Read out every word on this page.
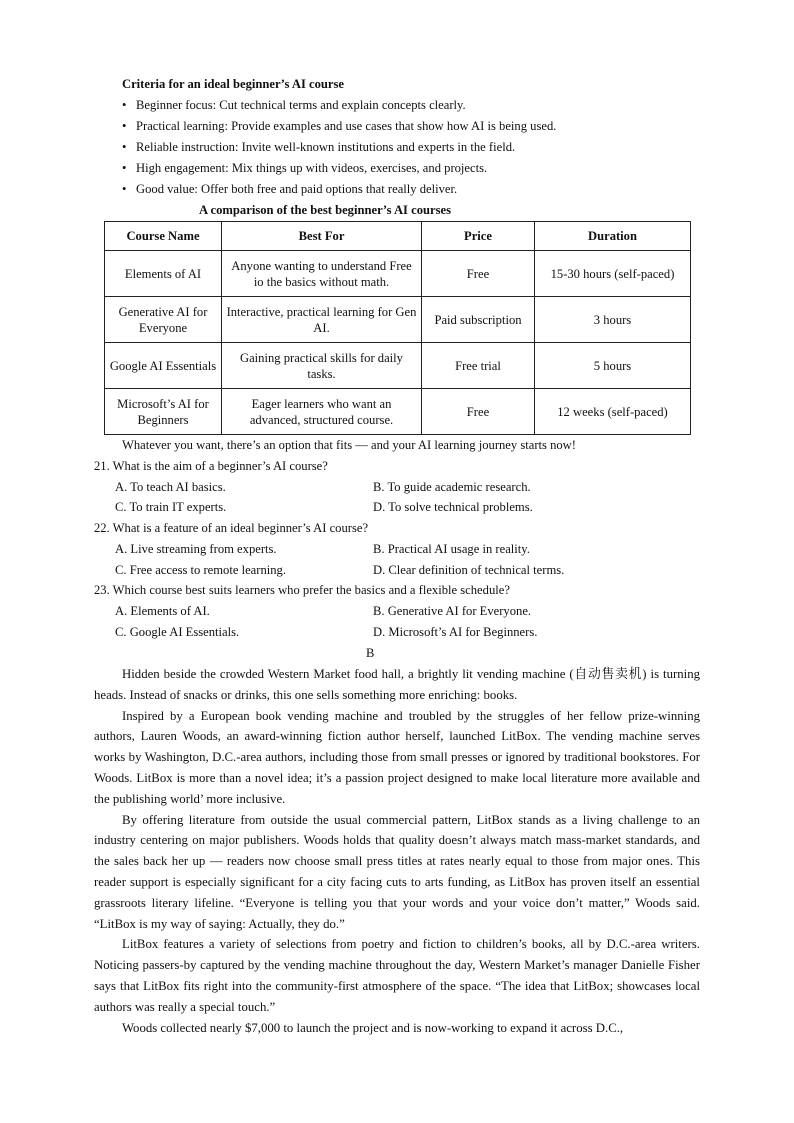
Criteria for an ideal beginner’s AI course
• Beginner focus: Cut technical terms and explain concepts clearly.
• Practical learning: Provide examples and use cases that show how AI is being used.
• Reliable instruction: Invite well-known institutions and experts in the field.
• High engagement: Mix things up with videos, exercises, and projects.
• Good value: Offer both free and paid options that really deliver.
A comparison of the best beginner’s AI courses
Course Name	Best For	Price	Duration
Elements of AI	Anyone wanting to understand Free io the basics without math.	Free	15-30 hours (self-paced)
Generative AI for Everyone	Interactive, practical learning for Gen AI.	Paid subscription	3 hours
Google AI Essentials	Gaining practical skills for daily tasks.	Free trial	5 hours
Microsoft’s AI for Beginners	Eager learners who want an advanced, structured course.	Free	12 weeks (self-paced)
Whatever you want, there’s an option that fits — and your AI learning journey starts now!
21. What is the aim of a beginner’s AI course?
A. To teach AI basics.	B. To guide academic research.
C. To train IT experts.	D. To solve technical problems.
22. What is a feature of an ideal beginner’s AI course?
A. Live streaming from experts.	B. Practical AI usage in reality.
C. Free access to remote learning.	D. Clear definition of technical terms.
23. Which course best suits learners who prefer the basics and a flexible schedule?
A. Elements of AI.	B. Generative AI for Everyone.
C. Google AI Essentials.	D. Microsoft’s AI for Beginners.
B

Hidden beside the crowded Western Market food hall, a brightly lit vending machine (自动售卖机) is turning heads. Instead of snacks or drinks, this one sells something more enriching: books.

Inspired by a European book vending machine and troubled by the struggles of her fellow prize-winning authors, Lauren Woods, an award-winning fiction author herself, launched LitBox. The vending machine serves works by Washington, D.C.-area authors, including those from small presses or ignored by traditional bookstores. For Woods. LitBox is more than a novel idea; it’s a passion project designed to make local literature more available and the publishing world’ more inclusive.

By offering literature from outside the usual commercial pattern, LitBox stands as a living challenge to an industry centering on major publishers. Woods holds that quality doesn’t always match mass-market standards, and the sales back her up — readers now choose small press titles at rates nearly equal to those from major ones. This reader support is especially significant for a city facing cuts to arts funding, as LitBox has proven itself an essential grassroots literary lifeline. “Everyone is telling you that your words and your voice don’t matter,” Woods said. “LitBox is my way of saying: Actually, they do.”

LitBox features a variety of selections from poetry and fiction to children’s books, all by D.C.-area writers. Noticing passers-by captured by the vending machine throughout the day, Western Market’s manager Danielle Fisher says that LitBox fits right into the community-first atmosphere of the space. “The idea that LitBox; showcases local authors was really a special touch.”

Woods collected nearly $7,000 to launch the project and is now-working to expand it across D.C.,
